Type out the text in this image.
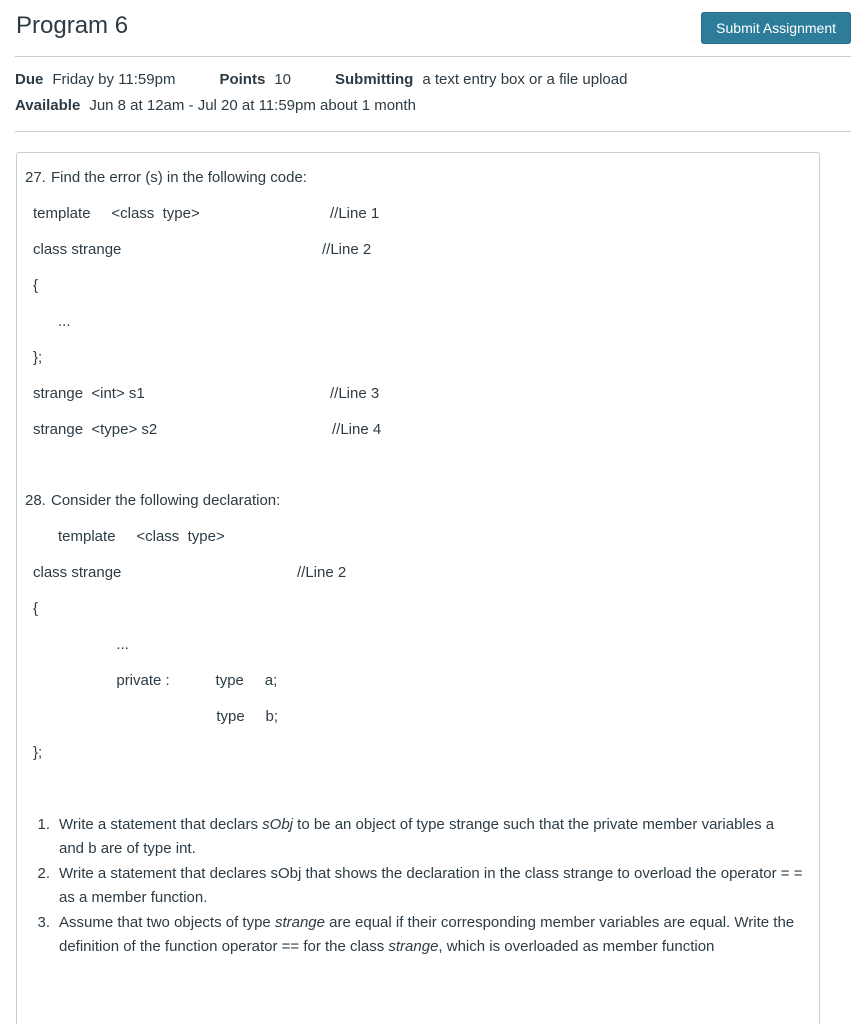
Program 6	Submit Assignment
Due Friday by 11:59pm	Points 10	Submitting a text entry box or a file upload
Available Jun 8 at 12am - Jul 20 at 11:59pm about 1 month
27. Find the error (s) in the following code:
template     <class  type>	//Line 1
class strange	//Line 2
{
...
};
strange  <int> s1	//Line 3
strange  <type> s2	//Line 4
28. Consider the following declaration:
template     <class  type>
class strange	//Line 2
{
...
private :           type     a;
type     b;
};
1. Write a statement that declars sObj to be an object of type strange such that the private member variables a and b are of type int.
2. Write a statement that declares sObj that shows the declaration in the class strange to overload the operator = = as a member function.
3. Assume that two objects of type strange are equal if their corresponding member variables are equal. Write the definition of the function operator == for the class strange, which is overloaded as member function
